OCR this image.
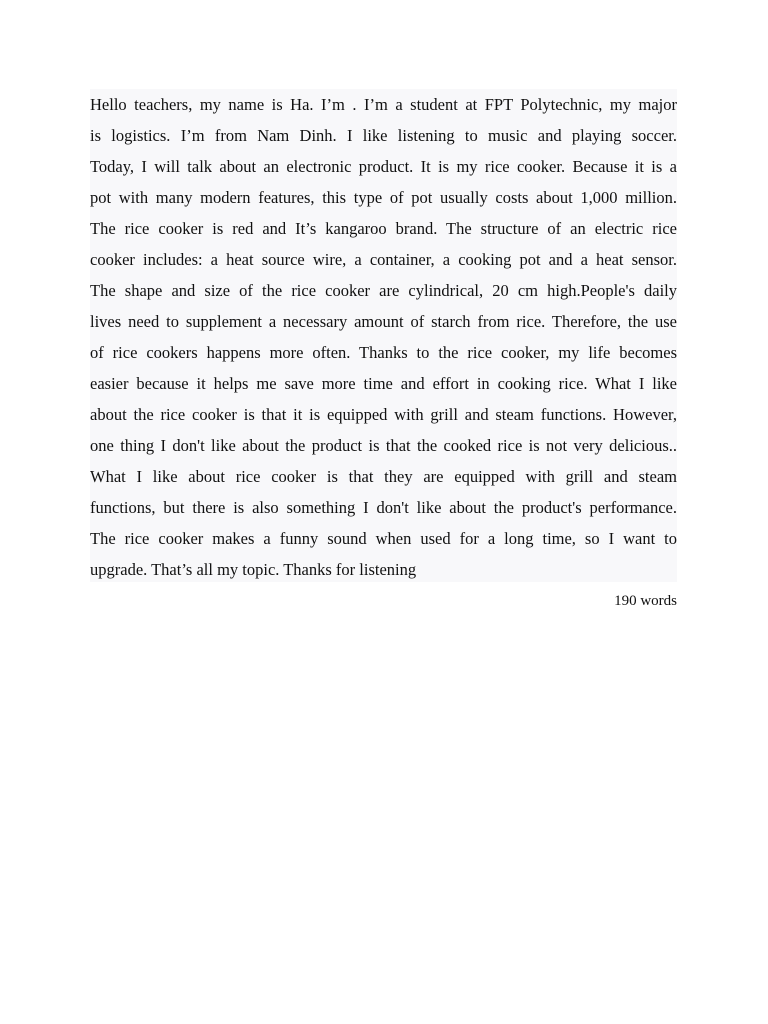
Hello teachers, my name is Ha. I’m . I’m a student at FPT Polytechnic, my major
is logistics. I’m from Nam Dinh. I like listening to music and playing soccer.
Today, I will talk about an electronic product. It is my rice cooker. Because it is a
pot with many modern features, this type of pot usually costs about 1,000 million.
The rice cooker is red and It’s kangaroo brand. The structure of an electric rice
cooker includes: a heat source wire, a container, a cooking pot and a heat sensor.
The shape and size of the rice cooker are cylindrical, 20 cm high.People's daily
lives need to supplement a necessary amount of starch from rice. Therefore, the use
of rice cookers happens more often. Thanks to the rice cooker, my life becomes
easier because it helps me save more time and effort in cooking rice. What I like
about the rice cooker is that it is equipped with grill and steam functions. However,
one thing I don't like about the product is that the cooked rice is not very delicious..
What I like about rice cooker is that they are equipped with grill and steam
functions, but there is also something I don't like about the product's performance.
The rice cooker makes a funny sound when used for a long time, so I want to
upgrade. That’s all my topic. Thanks for listening
190 words
